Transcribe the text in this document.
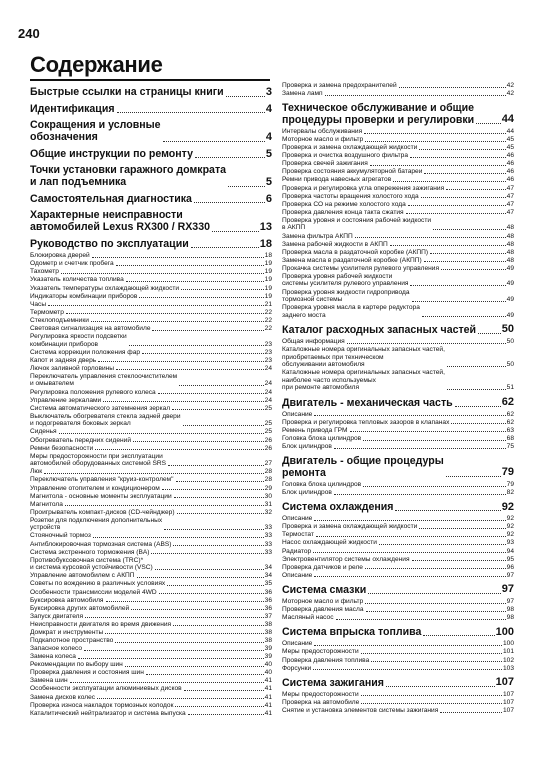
240
Содержание
Быстрые ссылки на страницы книги	3
Идентификация	4
Сокращения и условные
обозначения	4
Общие инструкции по ремонту	5
Точки установки гаражного домкрата
и лап подъемника	5
Самостоятельная диагностика	6
Характерные неисправности
автомобилей Lexus RX300 / RX330	13
Руководство по эксплуатации	18
Блокировка дверей	18
Одометр и счетчик пробега	19
Тахометр	19
Указатель количества топлива	19
Указатель температуры охлаждающей жидкости	19
Индикаторы комбинации приборов	19
Часы	21
Термометр	22
Стеклоподъемники	22
Световая сигнализация на автомобиле	22
Регулировка яркости подсветки
комбинации приборов	23
Система коррекции положения фар	23
Капот и задняя дверь	23
Лючок заливной горловины	24
Переключатель управления стеклоочистителем
и омывателем	24
Регулировка положения рулевого колеса	24
Управление зеркалами	24
Система автоматического затемнения зеркал	25
Выключатель обогревателя стекла задней двери
и подогревателя боковых зеркал	25
Сиденья	25
Обогреватель передних сидений	26
Ремни безопасности	26
Меры предосторожности при эксплуатации
автомобилей оборудованных системой SRS	27
Люк	28
Переключатель управления "круиз-контролем"	28
Управление отопителем и кондиционером	29
Магнитола - основные моменты эксплуатации	30
Магнитола	31
Проигрыватель компакт-дисков (CD-чейнджер)	32
Розетки для подключения дополнительных
устройств	33
Стояночный тормоз	33
Антиблокировочная тормозная система (ABS)	33
Система экстренного торможения (BA)	33
Противобуксовочная система (TRC)*
и система курсовой устойчивости (VSC)	34
Управление автомобилем с АКПП	34
Советы по вождению в различных условиях	35
Особенности трансмиссии моделей 4WD	36
Буксировка автомобиля	36
Буксировка других автомобилей	36
Запуск двигателя	37
Неисправности двигателя во время движения	38
Домкрат и инструменты	38
Подкапотное пространство	38
Запасное колесо	39
Замена колеса	39
Рекомендации по выбору шин	40
Проверка давления и состояния шин	40
Замена шин	41
Особенности эксплуатации алюминиевых дисков	41
Замена дисков колес	41
Проверка износа накладок тормозных колодок	41
Каталитический нейтрализатор и система выпуска	41
Проверка и замена предохранителей	42
Замена ламп	42
Техническое обслуживание и общие
процедуры проверки и регулировки	44
Интервалы обслуживания	44
Моторное масло и фильтр	45
Проверка и замена охлаждающей жидкости	45
Проверка и очистка воздушного фильтра	46
Проверка свечей зажигания	46
Проверка состояния аккумуляторной батареи	46
Ремни привода навесных агрегатов	46
Проверка и регулировка угла опережения зажигания	47
Проверка частоты вращения холостого хода	47
Проверка СО на режиме холостого хода	47
Проверка давления конца такта сжатия	47
Проверка уровня и состояния рабочей жидкости
в АКПП	48
Замена фильтра АКПП	48
Замена рабочей жидкости в АКПП	48
Проверка масла в раздаточной коробке (АКПП)	48
Замена масла в раздаточной коробке (АКПП)	48
Прокачка системы усилителя рулевого управления	49
Проверка уровня рабочей жидкости
системы усилителя рулевого управления	49
Проверка уровня жидкости гидропривода
тормозной системы	49
Проверка уровня масла в картере редуктора
заднего моста	49
Каталог расходных запасных частей 50
Общая информация	50
Каталожные номера оригинальных запасных частей,
приобретаемых при техническом
обслуживании автомобиля	50
Каталожные номера оригинальных запасных частей,
наиболее часто используемых
при ремонте автомобиля	51
Двигатель - механическая часть	62
Описание	62
Проверка и регулировка тепловых зазоров в клапанах	62
Ремень привода ГРМ	63
Головка блока цилиндров	68
Блок цилиндров	75
Двигатель - общие процедуры
ремонта	79
Головка блока цилиндров	79
Блок цилиндров	82
Система охлаждения	92
Описание	92
Проверка и замена охлаждающей жидкости	92
Термостат	92
Насос охлаждающей жидкости	93
Радиатор	94
Электровентилятор системы охлаждения	95
Проверка датчиков и реле	96
Описание	97
Система смазки	97
Моторное масло и фильтр	97
Проверка давления масла	98
Масляный насос	98
Система впрыска топлива	100
Описание	100
Меры предосторожности	101
Проверка давления топлива	102
Форсунки	103
Система зажигания	107
Меры предосторожности	107
Проверка на автомобиле	107
Снятие и установка элементов системы зажигания	107
